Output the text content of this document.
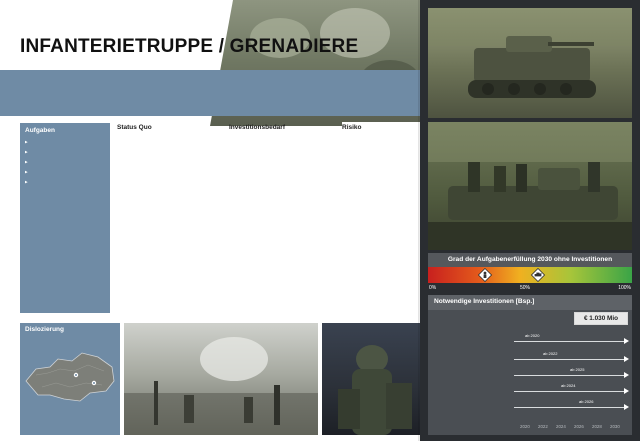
INFANTERIETRUPPE / GRENADIERE
Aufgaben
▶
▶
▶
▶
▶	Status Quo	Investitionsbedarf	Risiko

Dislozierung
Grad der Aufgabenerfüllung 2030 ohne Investitionen
0%	50%	100%
Notwendige Investitionen [Bsp.]
€ 1.030 Mio
ab 2020
ab 2022
ab 2025
ab 2024
ab 2026
2020 2022 2024 2026 2028 2030
